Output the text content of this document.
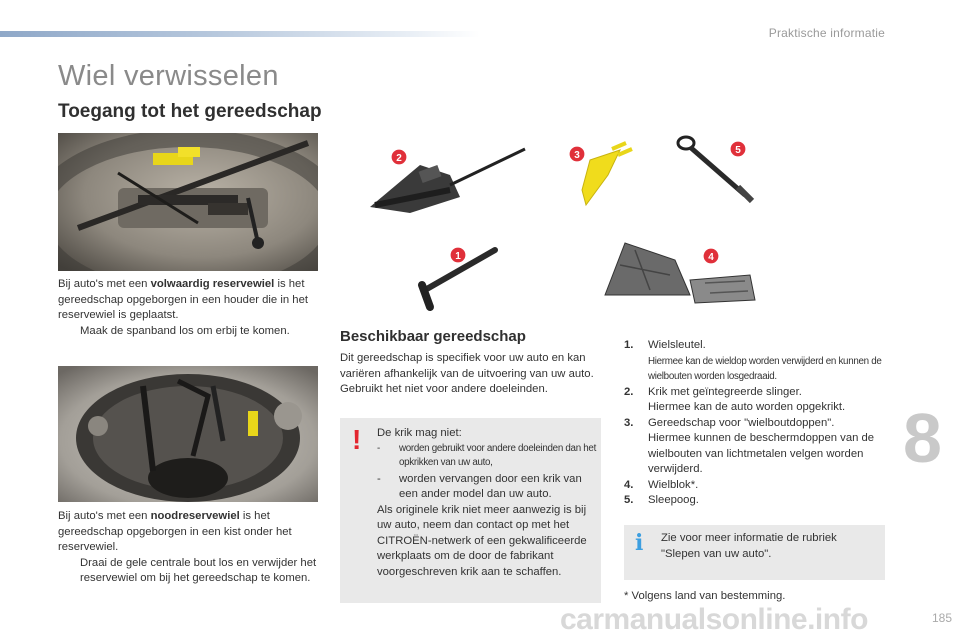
Praktische informatie
Wiel verwisselen
Toegang tot het gereedschap

Bij auto's met een volwaardig reservewiel is het gereedschap opgeborgen in een houder die in het reservewiel is geplaatst.

Maak de spanband los om erbij te komen.

Bij auto's met een noodreservewiel is het gereedschap opgeborgen in een kist onder het reservewiel.

Draai de gele centrale bout los en verwijder het reservewiel om bij het gereedschap te komen.
2	3	5
1	4
Beschikbaar gereedschap

Dit gereedschap is specifiek voor uw auto en kan variëren afhankelijk van de uitvoering van uw auto. Gebruikt het niet voor andere doeleinden.

! De krik mag niet:

-	worden gebruikt voor andere doeleinden dan het opkrikken van uw auto,
-	worden vervangen door een krik van een ander model dan uw auto.

Als originele krik niet meer aanwezig is bij uw auto, neem dan contact op met het CITROËN-netwerk of een gekwalificeerde werkplaats om de door de fabrikant voorgeschreven krik aan te schaffen.

1.	Wielsleutel.
Hiermee kan de wieldop worden verwijderd en kunnen de wielbouten worden losgedraaid.
2.	Krik met geïntegreerde slinger.
Hiermee kan de auto worden opgekrikt.
3.	Gereedschap voor "wielboutdoppen".
Hiermee kunnen de beschermdoppen van de wielbouten van lichtmetalen velgen worden verwijderd.
4.	Wielblok*.
5.	Sleepoog.
i Zie voor meer informatie de rubriek "Slepen van uw auto".

* Volgens land van bestemming.

8
carmanualsonline.info	185
